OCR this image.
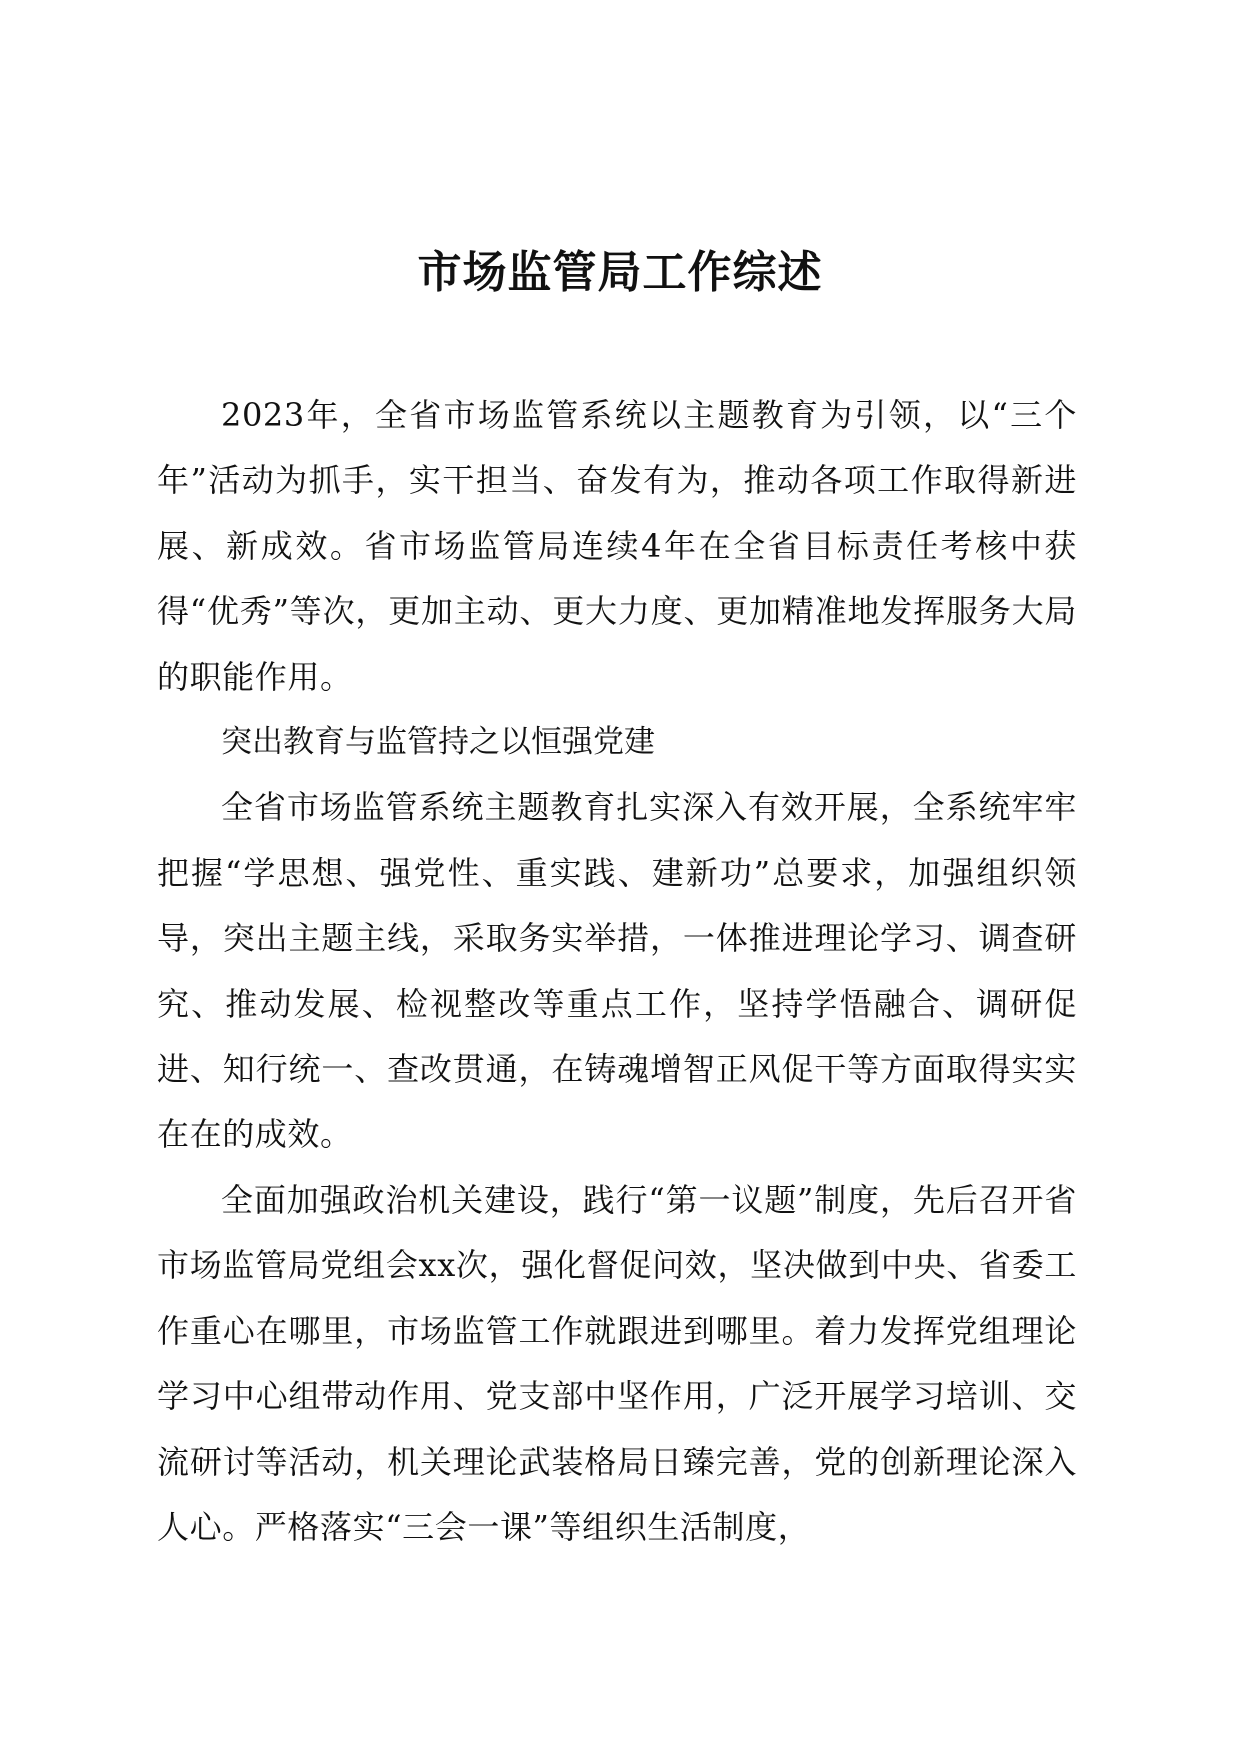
市场监管局工作综述

2023年，全省市场监管系统以主题教育为引领，以“三个年”活动为抓手，实干担当、奋发有为，推动各项工作取得新进展、新成效。省市场监管局连续4年在全省目标责任考核中获得“优秀”等次，更加主动、更大力度、更加精准地发挥服务大局的职能作用。

突出教育与监管持之以恒强党建

全省市场监管系统主题教育扎实深入有效开展，全系统牢牢把握“学思想、强党性、重实践、建新功”总要求，加强组织领导，突出主题主线，采取务实举措，一体推进理论学习、调查研究、推动发展、检视整改等重点工作，坚持学悟融合、调研促进、知行统一、查改贯通，在铸魂增智正风促干等方面取得实实在在的成效。

全面加强政治机关建设，践行“第一议题”制度，先后召开省市场监管局党组会xx次，强化督促问效，坚决做到中央、省委工作重心在哪里，市场监管工作就跟进到哪里。着力发挥党组理论学习中心组带动作用、党支部中坚作用，广泛开展学习培训、交流研讨等活动，机关理论武装格局日臻完善，党的创新理论深入人心。严格落实“三会一课”等组织生活制度，
